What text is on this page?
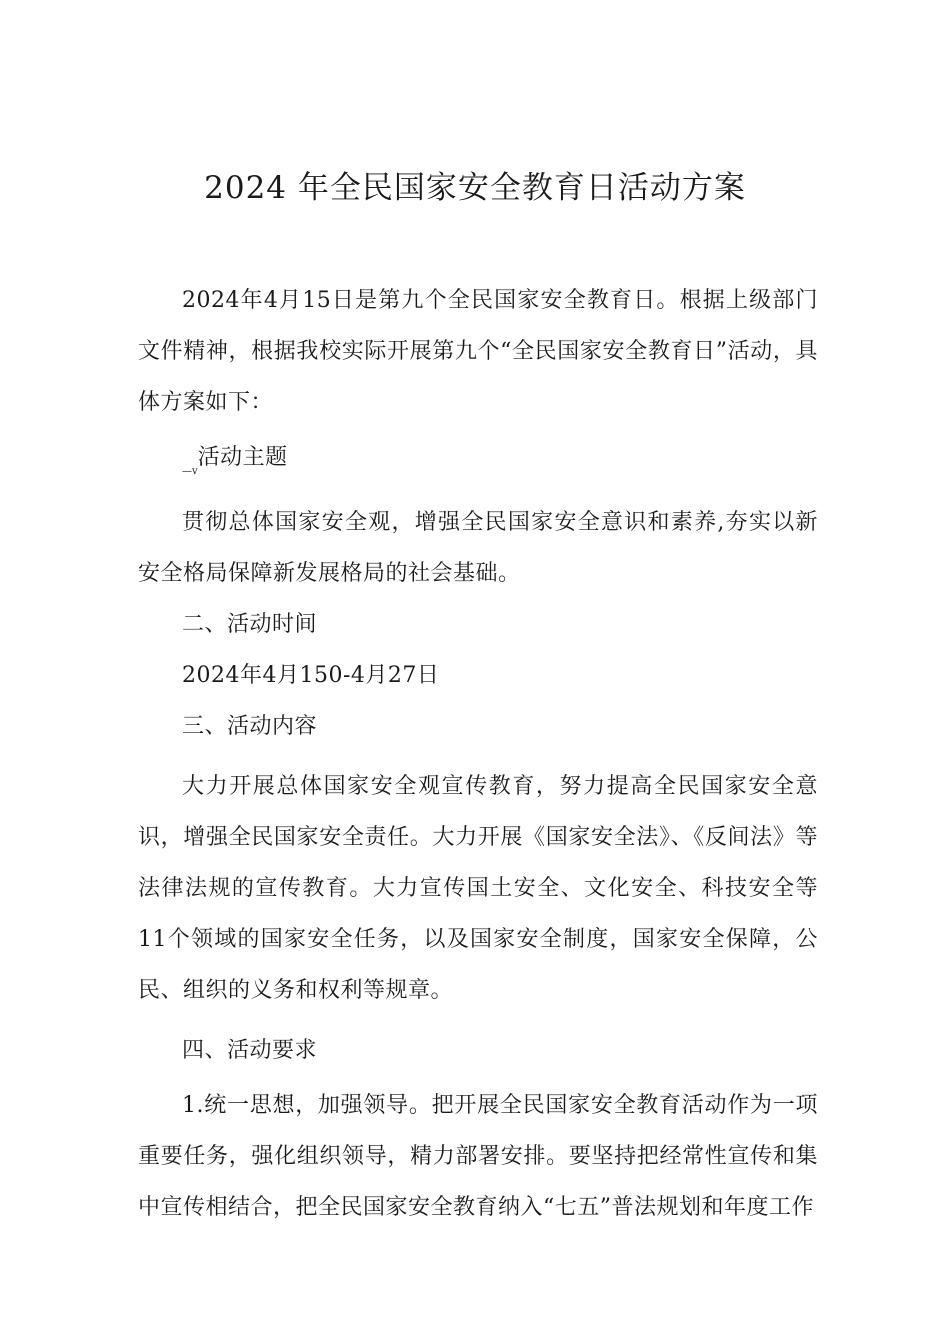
2024 年全民国家安全教育日活动方案

2024年4月15日是第九个全民国家安全教育日。根据上级部门文件精神，根据我校实际开展第九个“全民国家安全教育日”活动，具体方案如下：

$_{—v}$活动主题

贯彻总体国家安全观，增强全民国家安全意识和素养,夯实以新安全格局保障新发展格局的社会基础。

二、活动时间

2024年4月150-4月27日

三、活动内容

大力开展总体国家安全观宣传教育，努力提高全民国家安全意识，增强全民国家安全责任。大力开展《国家安全法》、《反间法》等法律法规的宣传教育。大力宣传国土安全、文化安全、科技安全等11个领域的国家安全任务，以及国家安全制度，国家安全保障，公民、组织的义务和权利等规章。

四、活动要求

1.统一思想，加强领导。把开展全民国家安全教育活动作为一项重要任务，强化组织领导，精力部署安排。要坚持把经常性宣传和集中宣传相结合，把全民国家安全教育纳入“七五”普法规划和年度工作
